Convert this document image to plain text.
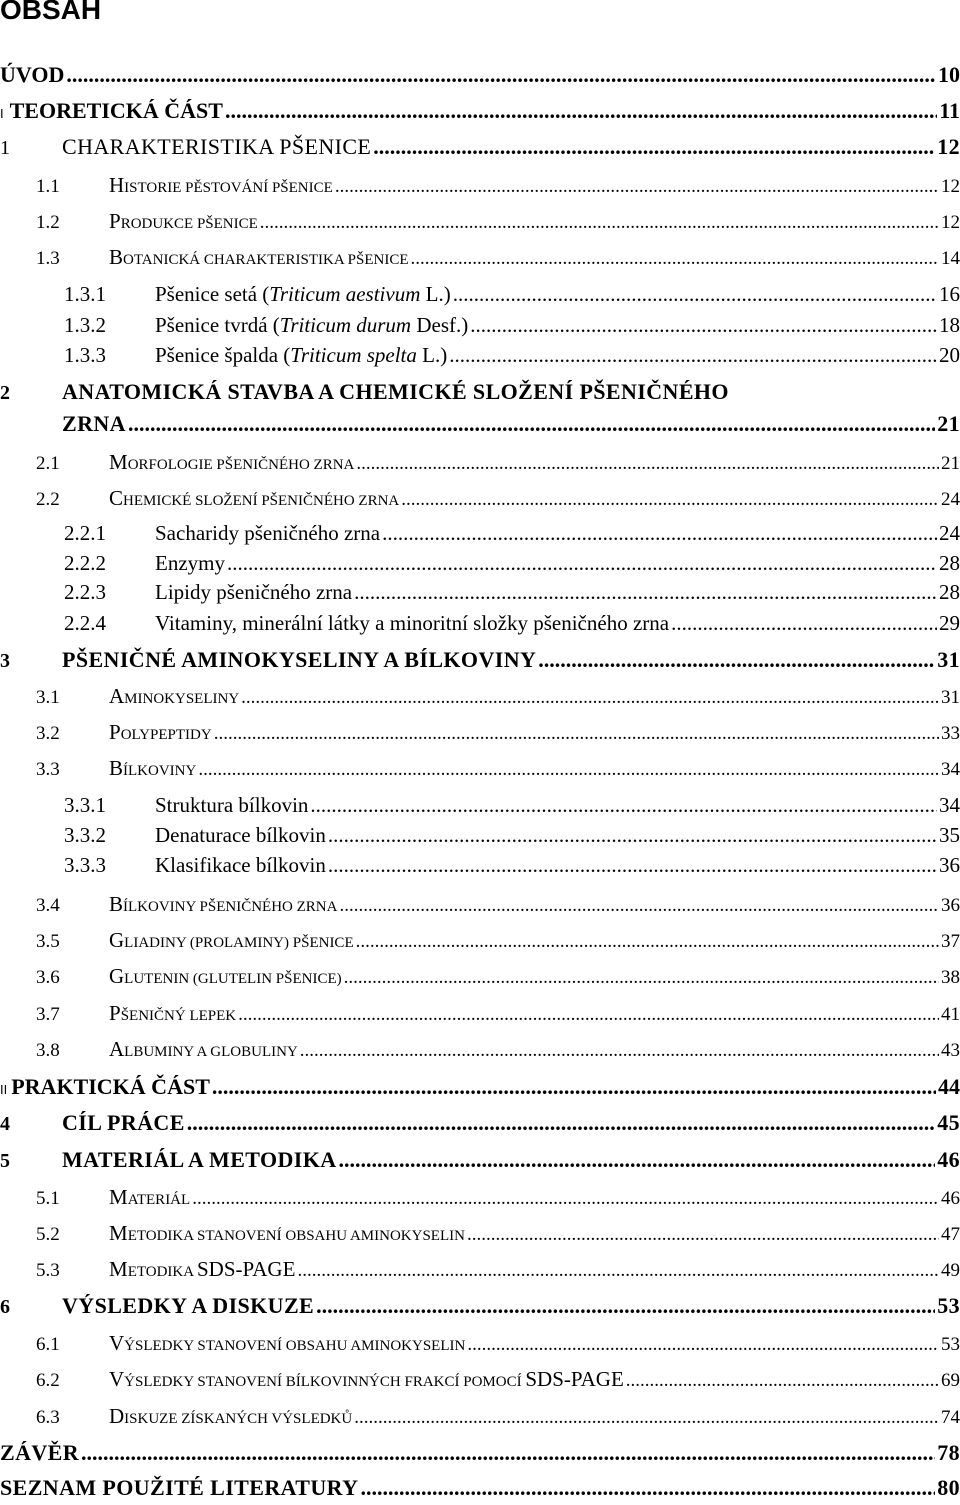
OBSAH
ÚVOD .....	10
I TEORETICKÁ ČÁST .....	11
1	CHARAKTERISTIKA PŠENICE .....	12
1.1	HISTORIE PĚSTOVÁNÍ PŠENICE .....	12
1.2	PRODUKCE PŠENICE .....	12
1.3	BOTANICKÁ CHARAKTERISTIKA PŠENICE .....	14
1.3.1	Pšenice setá (Triticum aestivum L.) .....	16
1.3.2	Pšenice tvrdá (Triticum durum Desf.) .....	18
1.3.3	Pšenice špalda (Triticum spelta L.) .....	20
2	ANATOMICKÁ STAVBA A CHEMICKÉ SLOŽENÍ PŠENIČNÉHO
ZRNA .....	21
2.1	MORFOLOGIE PŠENIČNÉHO ZRNA .....	21
2.2	CHEMICKÉ SLOŽENÍ PŠENIČNÉHO ZRNA .....	24
2.2.1	Sacharidy pšeničného zrna .....	24
2.2.2	Enzymy .....	28
2.2.3	Lipidy pšeničného zrna .....	28
2.2.4	Vitaminy, minerální látky a minoritní složky pšeničného zrna .....	29
3	PŠENIČNÉ AMINOKYSELINY A BÍLKOVINY .....	31
3.1	AMINOKYSELINY .....	31
3.2	POLYPEPTIDY .....	33
3.3	BÍLKOVINY .....	34
3.3.1	Struktura bílkovin .....	34
3.3.2	Denaturace bílkovin .....	35
3.3.3	Klasifikace bílkovin .....	36
3.4	BÍLKOVINY PŠENIČNÉHO ZRNA .....	36
3.5	GLIADINY (PROLAMINY) PŠENICE .....	37
3.6	GLUTENIN (GLUTELIN PŠENICE) .....	38
3.7	PŠENIČNÝ LEPEK .....	41
3.8	ALBUMINY A GLOBULINY .....	43
II PRAKTICKÁ ČÁST .....	44
4	CÍL PRÁCE .....	45
5	MATERIÁL A METODIKA .....	46
5.1	MATERIÁL .....	46
5.2	METODIKA STANOVENÍ OBSAHU AMINOKYSELIN .....	47
5.3	METODIKA SDS-PAGE .....	49
6	VÝSLEDKY A DISKUZE .....	53
6.1	VÝSLEDKY STANOVENÍ OBSAHU AMINOKYSELIN .....	53
6.2	VÝSLEDKY STANOVENÍ BÍLKOVINNÝCH FRAKCÍ POMOCÍ SDS-PAGE .....	69
6.3	DISKUZE ZÍSKANÝCH VÝSLEDKŮ .....	74
ZÁVĚR .....	78
SEZNAM POUŽITÉ LITERATURY .....	80
